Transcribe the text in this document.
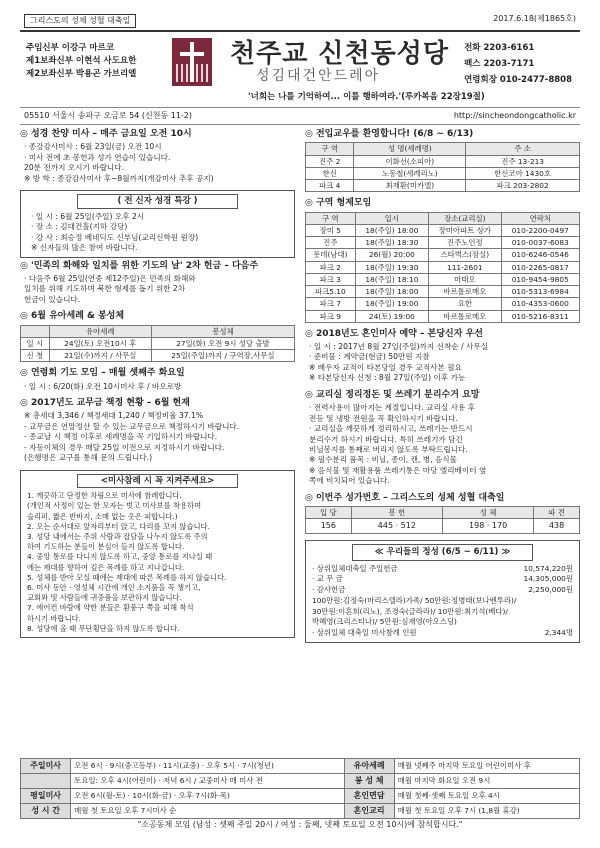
그리스도의 성체 성혈 대축일	2017.6.18(제1865호)
주임신부 이강구 마르코
제1보좌신부 이현석 사도요한
제2보좌신부 박용곤 가브리엘
천주교 신천동성당
성김대건안드레아
전화 2203-6161
팩스 2203-7171
연령회장 010-2477-8808
'너희는 나를 기억하여... 이를 행하여라.'(루카복음 22장19절)
05510 서울시 송파구 오금로 54 (신천동 11-2)	http://sincheondongcatholic.kr
◎ 성경 찬양 미사 – 매주 금요일 오전 10시
· 종강감사미사 : 6월 23일(금) 오전 10시
· 미사 전에 초 봉헌과 성가 연습이 있습니다.
20분 전까지 오시기 바랍니다.
※ 방 학 : 종강감사미사 후~8월까지(개강미사 추후 공지)
( 전 신자 성경 특강 )
· 일 시 : 6월 25일(주일) 오후 2시
· 장 소 : 김대건홀(지하 강당)
· 강 사 : 최승정 베네딕도 신부님(교리신학원 원장)
※ 신자들의 많은 참여 바랍니다.
◎ '민족의 화해와 일치를 위한 기도의 날' 2차 헌금 – 다음주
· 다음주 6월 25일(연중 제12주일)은 민족의 화해와
일치를 위해 기도하며 북한 형제를 돕기 위한 2차
헌금이 있습니다.
◎ 6월 유아세례 & 봉성체
	유아세례	봉성체
일 시	24일(토) 오전10시 후	27일(화) 오전 9시 성당 출발
신 청	21일(수)까지 / 사무실	25일(주일)까지 / 구역장,사무실
◎ 연령회 기도 모임 – 매월 셋째주 화요일
· 일 시 : 6/20(화) 오전 10시미사 후 / 바오로방
◎ 2017년도 교무금 책정 현황 – 6월 현재
※ 총세대 3,346 / 책정세대 1,240 / 책정비율 37.1%
- 교무금은 연말정산 할 수 있는 교무금으로 책정하시기 바랍니다.
- 종교날 시 책정 이후로 세례명을 꼭 기입하시기 바랍니다.
- 자동이체의 경우 매달 25일 이전으로 지정하시기 바랍니다.
(은행명은 교구를 통해 문의 드립니다.)
<미사참례 시 꼭 지켜주세요>
1. 깨끗하고 단정한 차림으로 미사에 참례합니다.
(개인적 사정이 있는 한 모자는 벗고 미사보를 착용하며
슬리퍼, 짧은 반바지, 소매 없는 옷은 피합니다.)
2. 오는 순서대로 앞자리부터 앉고, 다리를 꼬지 않습니다.
3. 성당 내에서는 주위 사람과 잡담을 나누지 않도록 주의
하여 기도하는 분들이 분심이 들지 않도록 합니다.
4. 중앙 통로를 다니지 않도록 하고, 중앙 통로를 지나실 때
에는 제대를 향하여 깊은 목례를 하고 지나갑니다.
5. 성체를 받아 모실 때에는 제대에 따른 목례를 하지 않습니다.
6. 미사 동안 · 영성체 시간에 개인 소지품을 꼭 챙기고,
교회와 및 사람들에 귀중품을 보관하지 않습니다.
7. 에어컨 바람에 약한 분들은 환풍구 쪽을 피해 착석
하시기 바랍니다.
8. 성당에 올 때 무단횡단을 하지 않도록 합니다.
◎ 전입교우를 환영합니다! (6/8 ~ 6/13)
구 역	성 명(세례명)	주 소
진주 2	이화선(소피아)	진주 13-213
한신	노동철(세례리노)	한신코아 1430호
파크 4	최재환(미카엘)	파크 203-2802
◎ 구역 형제모임
구 역	일시	장소(교리실)	연락처
장미 5	18(주일) 18:00	장미아파트 상가	010-2200-0497
진주	18(주일) 18:30	진주노인정	010-0037-6083
롯데(남대)	26(월) 20:00	스타벅스(잠실)	010-6246-0546
파크 2	18(주일) 19:30	111-2601	010-2265-0817
파크 3	18(주일) 18:10	마태오	010-9454-9805
파크5.10	18(주일) 18:00	바르톨로메오	010-5313-6984
파크 7	18(주일) 19:00	요한	010-4353-0600
파크 9	24(토) 19:00	바르톨로메오	010-5216-8311
◎ 2018년도 혼인미사 예약 – 본당신자 우선
· 일 시 : 2017년 8월 27일(주일)까지 선착순 / 사무실
· 준비물 : 계약금(현금) 50만원 지참
※ 배우자 교적이 타본당일 경우 교적사본 필요
※ 타본당신자 신청 : 8월 27일(주일) 이후 가능
◎ 교리실 정리정돈 및 쓰레기 분리수거 요망
· 전력사용이 많아지는 계절입니다. 교리실 사용 후
전등 및 냉방 전원을 꼭 확인하시기 바랍니다.
· 교리실을 깨끗하게 정리하시고, 쓰레기는 반드시
분리수거 하시기 바랍니다. 특히 쓰레기가 담긴
비닐봉지를 통째로 버리지 않도록 부탁드립니다.
※ 필수분리 품목 : 비닐, 종이, 캔, 병, 음식물
※ 음식물 및 재활용품 쓰레기통은 마당 엘리베이터 옆
쪽에 비치되어 있습니다.
◎ 이번주 성가번호 – 그리스도의 성체 성혈 대축일
입 당	봉 헌	성 체	파 견
156	445 · 512	198 · 170	438
≪ 우리들의 정성 (6/5 ~ 6/11) ≫
· 상위일체대축일 주일헌금	10,574,220원
· 교 무 금	14,305,000원
· 감사헌금	2,250,000원
100만원:김정숙(마리스텔라)가족/ 50만원:정병태(보나벤투라)/
30만원:이혼희(리노), 조경숙(글라라)/ 10만원:최기석(베다)/
박혜영(크리스티나)/ 5만원:심재영(아오스딩)
· 삼위일체 대축일 미사참례 인원	2,344명
주일미사	오전 6시 · 9시(중고등부) · 11시(교중) · 오후 5시 · 7시(청년)	유아세례	매월 넷째주 마지막 토요일 어린이미사 후
	토요일: 오후 4시(어린이) · 저녁 6시 / 교중미사 매 미사 전	봉 성 체	매월 마지막 화요일 오전 9시
평일미사	오전 6시(월-토) · 10시(화-금) · 오후 7시(화-목)	혼인면담	매월 첫째·셋째 토요일 오후 4시
성 시 간	매월 첫 토요일 오후 7시미사 순	혼인교리	매월 첫 토요일 오후 7시 (1,8월 휴강)
"소공동체 모임 (남성 : 셋째 주일 20시 / 여성 : 둘째, 넷째 토요일 오전 10시)에 참석합시다."
